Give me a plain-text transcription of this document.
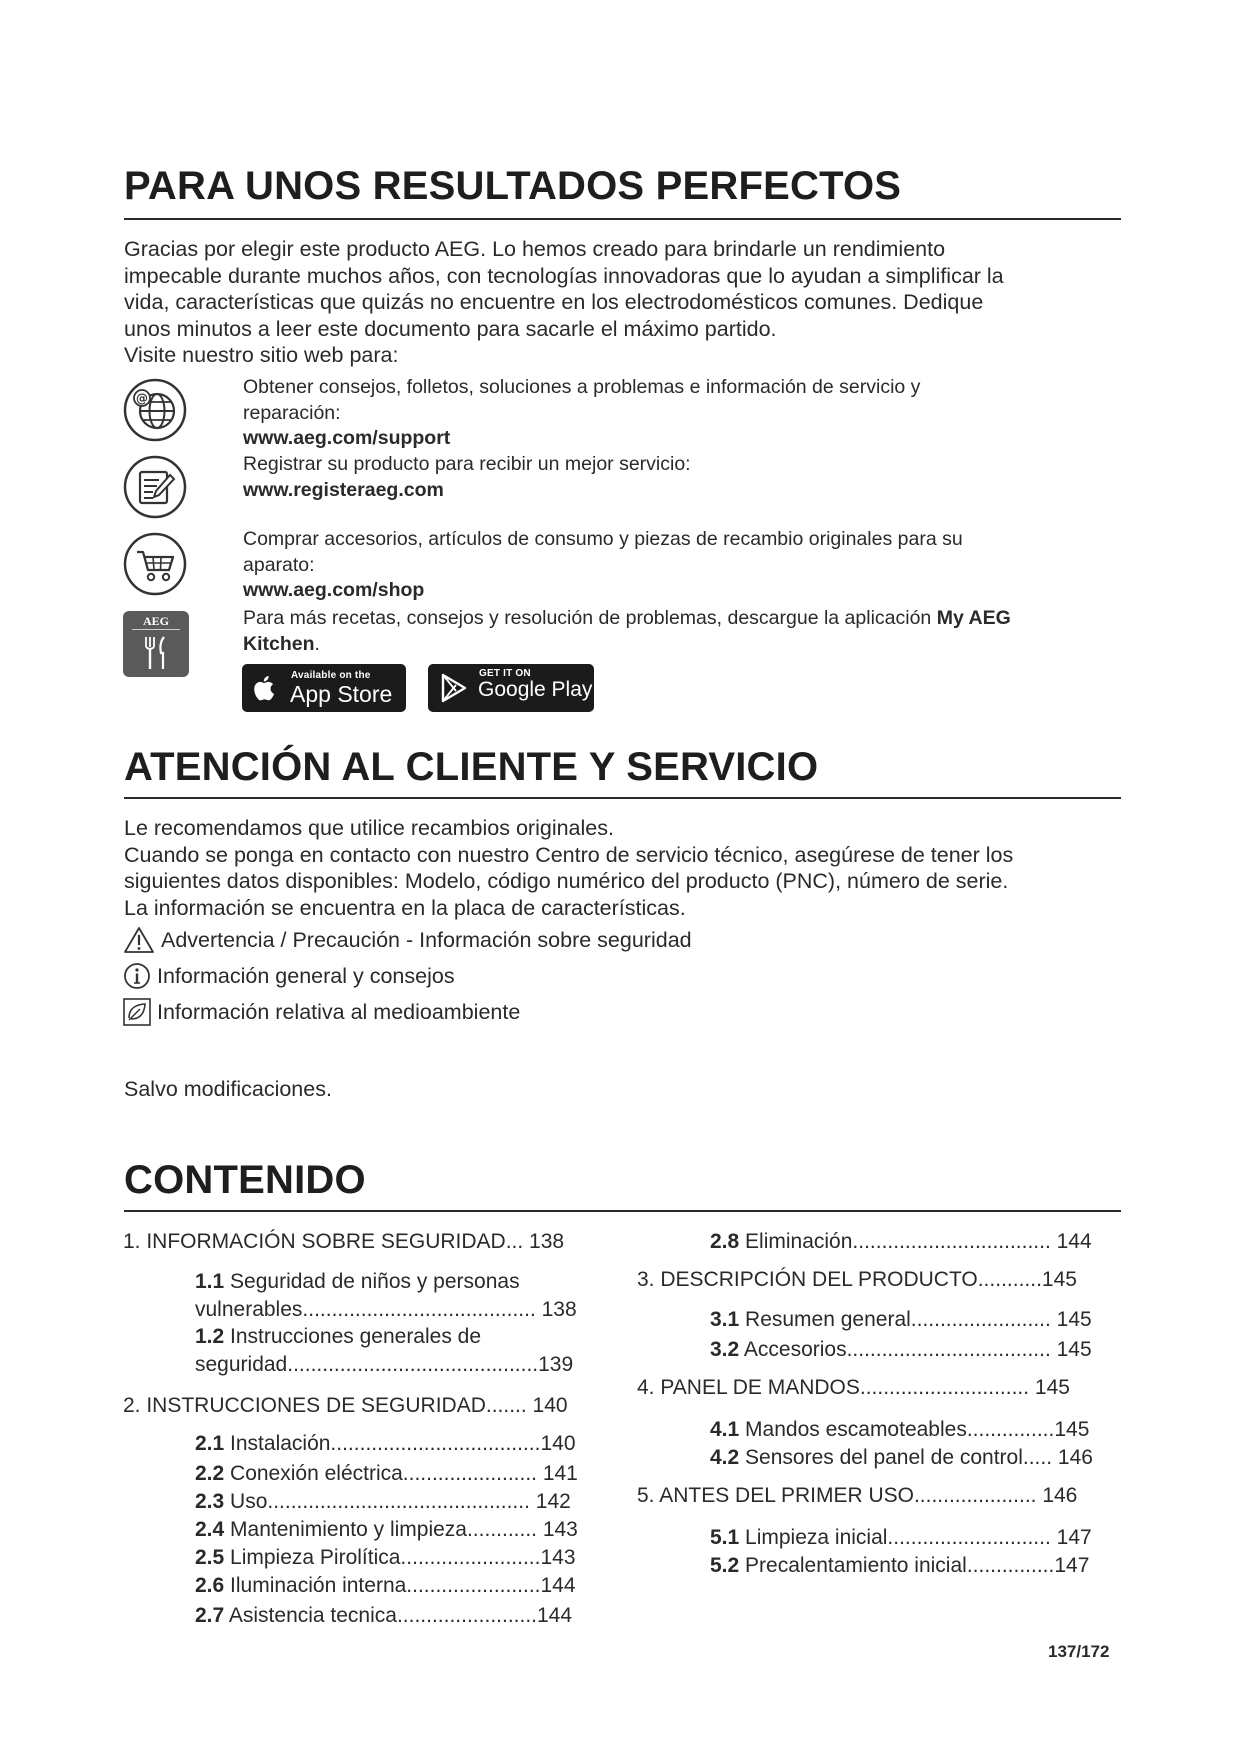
PARA UNOS RESULTADOS PERFECTOS

Gracias por elegir este producto AEG. Lo hemos creado para brindarle un rendimiento

impecable durante muchos años, con tecnologías innovadoras que lo ayudan a simplificar la

vida, características que quizás no encuentre en los electrodomésticos comunes. Dedique

unos minutos a leer este documento para sacarle el máximo partido.

Visite nuestro sitio web para:

@
AEG

Obtener consejos, folletos, soluciones a problemas e información de servicio y

reparación:

www.aeg.com/support

Registrar su producto para recibir un mejor servicio:

www.registeraeg.com

Comprar accesorios, artículos de consumo y piezas de recambio originales para su

aparato:

www.aeg.com/shop

Para más recetas, consejos y resolución de problemas, descargue la aplicación My AEG

Kitchen.

Available on the
App Store
GET IT ON
Google Play
ATENCIÓN AL CLIENTE Y SERVICIO

Le recomendamos que utilice recambios originales.

Cuando se ponga en contacto con nuestro Centro de servicio técnico, asegúrese de tener los

siguientes datos disponibles: Modelo, código numérico del producto (PNC), número de serie.

La información se encuentra en la placa de características.

Advertencia / Precaución - Información sobre seguridad
Información general y consejos
Información relativa al medioambiente
Salvo modificaciones.
CONTENIDO
1. INFORMACIÓN SOBRE SEGURIDAD... 138
1.1 Seguridad de niños y personas
vulnerables........................................ 138
1.2 Instrucciones generales de
seguridad...........................................139
2. INSTRUCCIONES DE SEGURIDAD....... 140
2.1 Instalación....................................140
2.2 Conexión eléctrica....................... 141
2.3 Uso............................................. 142
2.4 Mantenimiento y limpieza............ 143
2.5 Limpieza Pirolítica........................143
2.6 Iluminación interna.......................144
2.7 Asistencia tecnica........................144
2.8 Eliminación.................................. 144
3. DESCRIPCIÓN DEL PRODUCTO...........145
3.1 Resumen general........................ 145
3.2 Accesorios................................... 145
4. PANEL DE MANDOS............................. 145
4.1 Mandos escamoteables...............145
4.2 Sensores del panel de control..... 146
5. ANTES DEL PRIMER USO..................... 146
5.1 Limpieza inicial............................ 147
5.2 Precalentamiento inicial...............147
137/172
